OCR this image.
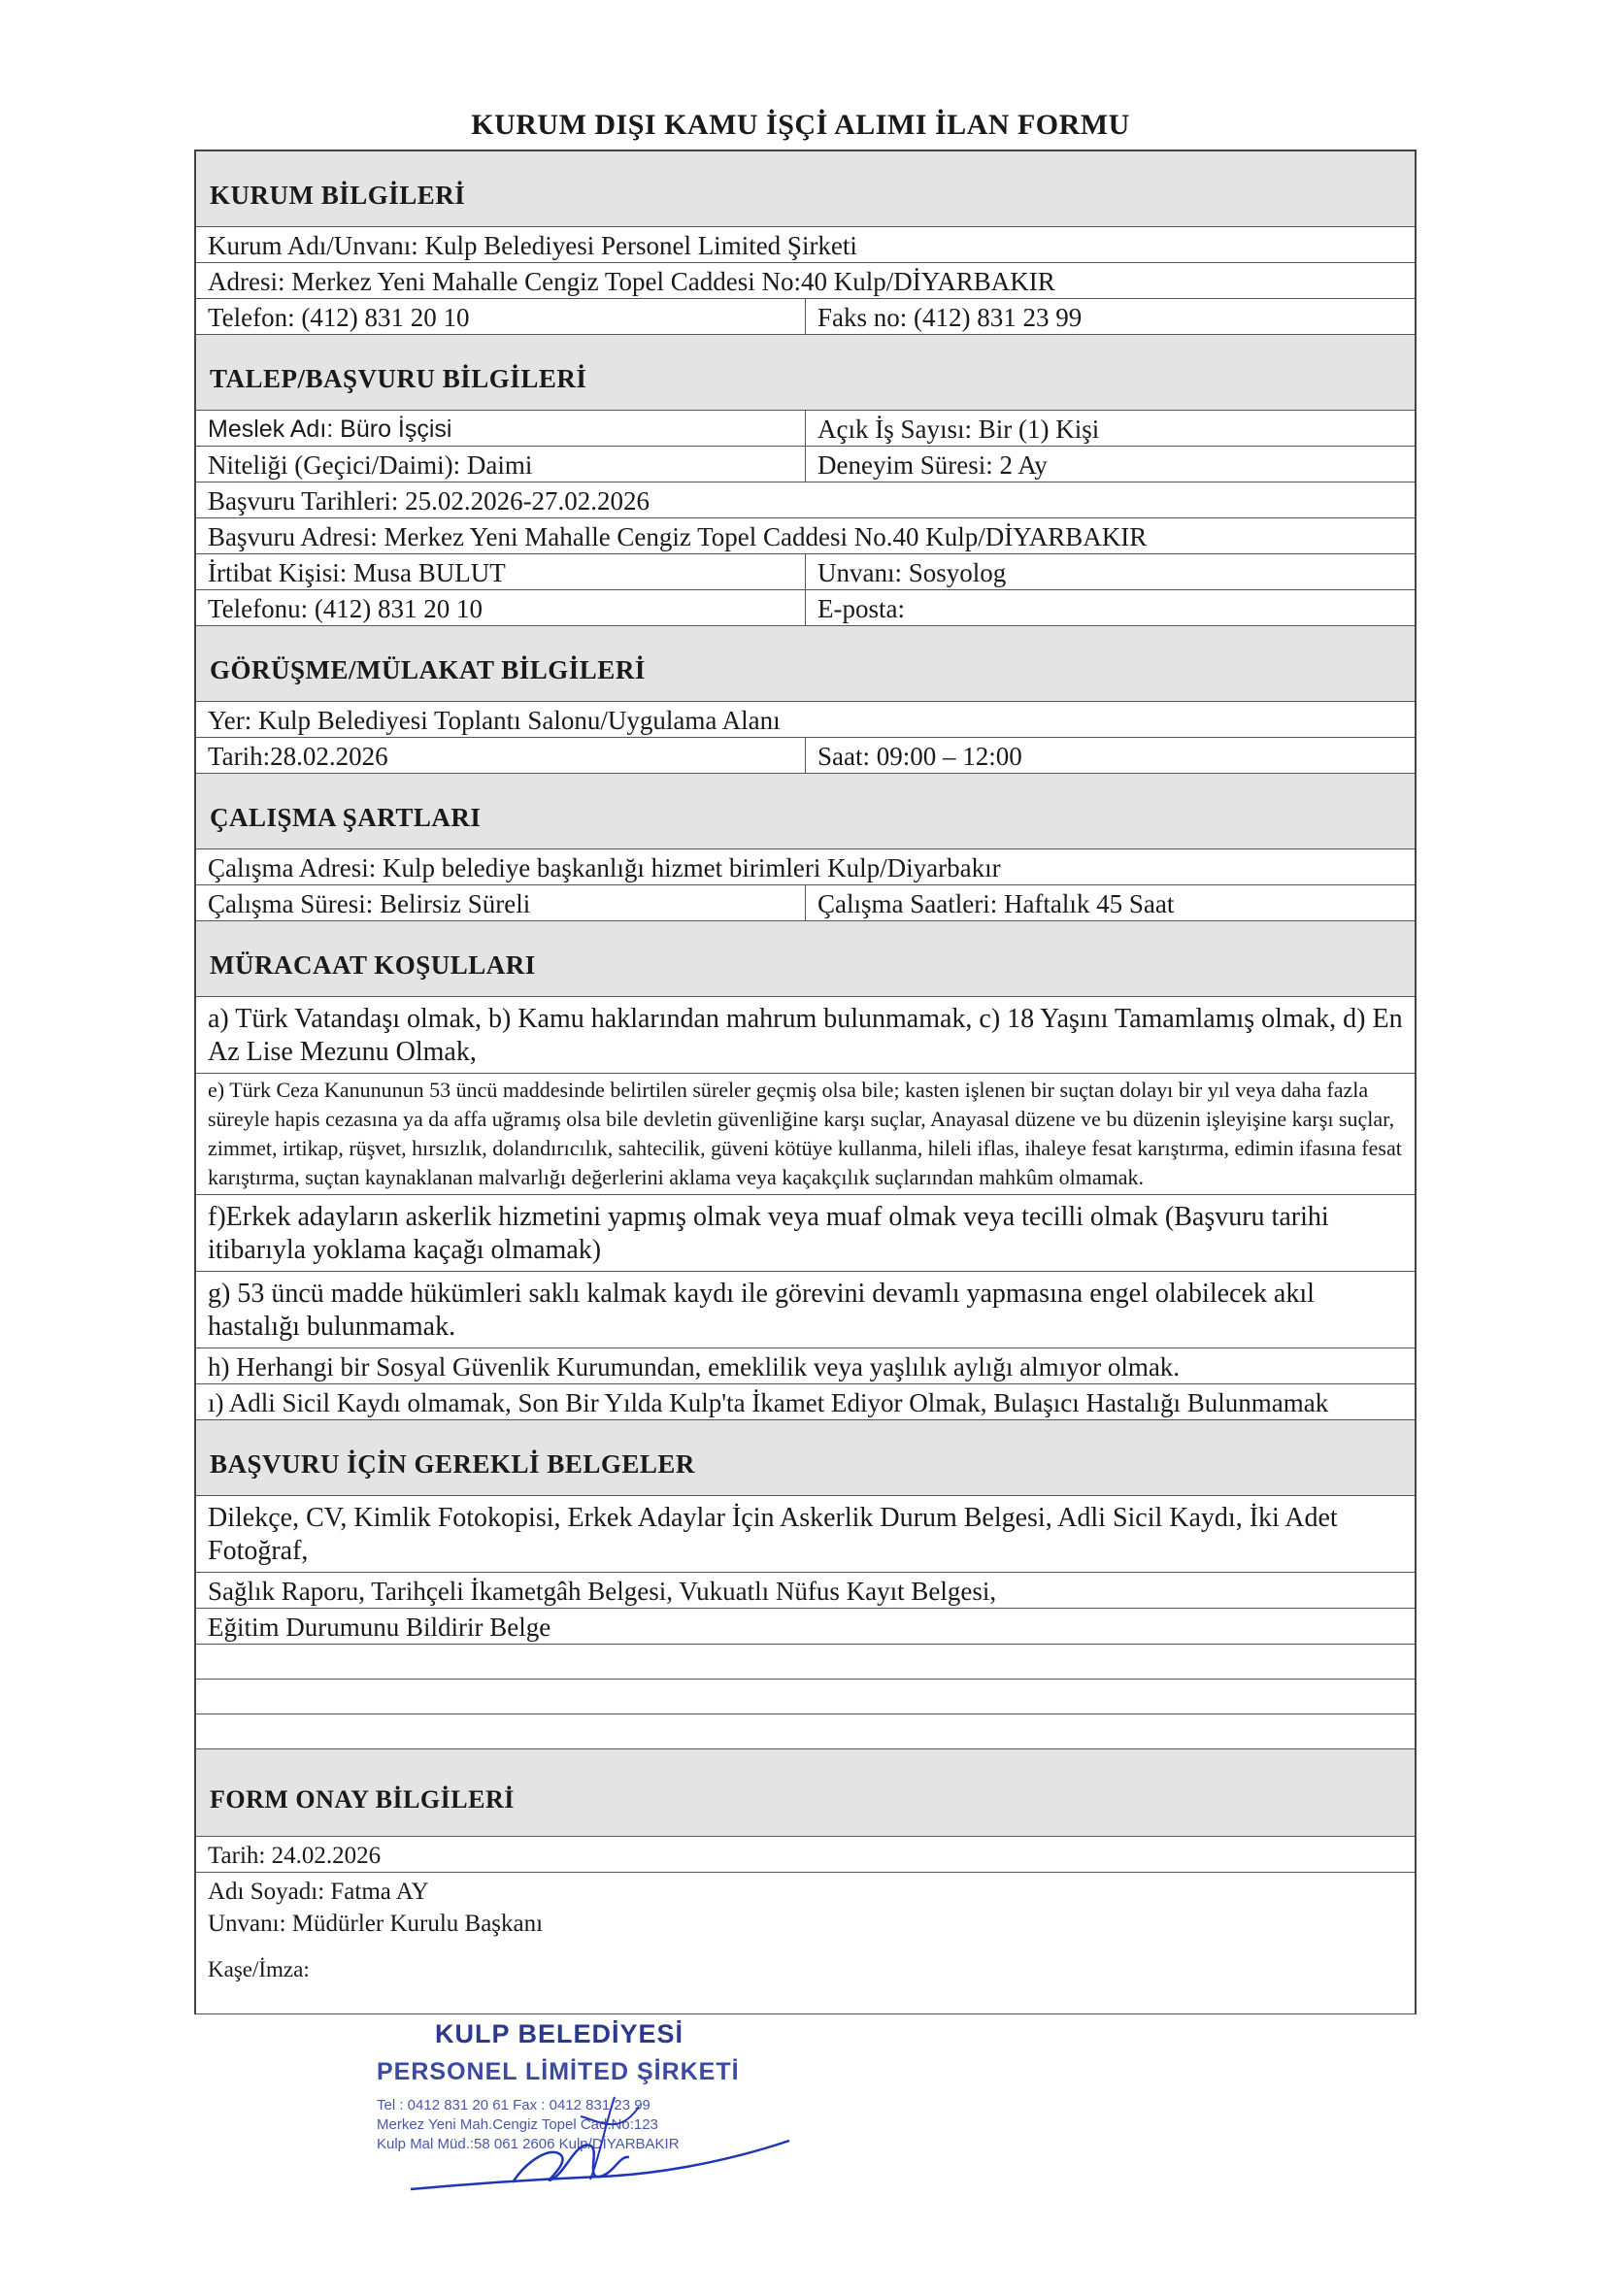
KURUM DIŞI KAMU İŞÇİ ALIMI İLAN FORMU
KURUM BİLGİLERİ
Kurum Adı/Unvanı: Kulp Belediyesi Personel Limited Şirketi
Adresi: Merkez Yeni Mahalle Cengiz Topel Caddesi No:40 Kulp/DİYARBAKIR
Telefon: (412) 831 20 10	Faks no: (412) 831 23 99
TALEP/BAŞVURU BİLGİLERİ
Meslek Adı: Büro İşçisi	Açık İş Sayısı: Bir (1) Kişi
Niteliği (Geçici/Daimi): Daimi	Deneyim Süresi: 2 Ay
Başvuru Tarihleri: 25.02.2026-27.02.2026
Başvuru Adresi: Merkez Yeni Mahalle Cengiz Topel Caddesi No.40 Kulp/DİYARBAKIR
İrtibat Kişisi: Musa BULUT	Unvanı: Sosyolog
Telefonu: (412) 831 20 10	E-posta:
GÖRÜŞME/MÜLAKAT BİLGİLERİ
Yer: Kulp Belediyesi Toplantı Salonu/Uygulama Alanı
Tarih:28.02.2026	Saat: 09:00 – 12:00
ÇALIŞMA ŞARTLARI
Çalışma Adresi: Kulp belediye başkanlığı hizmet birimleri Kulp/Diyarbakır
Çalışma Süresi: Belirsiz Süreli	Çalışma Saatleri: Haftalık 45 Saat
MÜRACAAT KOŞULLARI
a) Türk Vatandaşı olmak, b) Kamu haklarından mahrum bulunmamak, c) 18 Yaşını Tamamlamış olmak, d) En Az Lise Mezunu Olmak,
e) Türk Ceza Kanununun 53 üncü maddesinde belirtilen süreler geçmiş olsa bile; kasten işlenen bir suçtan dolayı bir yıl veya daha fazla süreyle hapis cezasına ya da affa uğramış olsa bile devletin güvenliğine karşı suçlar, Anayasal düzene ve bu düzenin işleyişine karşı suçlar, zimmet, irtikap, rüşvet, hırsızlık, dolandırıcılık, sahtecilik, güveni kötüye kullanma, hileli iflas, ihaleye fesat karıştırma, edimin ifasına fesat karıştırma, suçtan kaynaklanan malvarlığı değerlerini aklama veya kaçakçılık suçlarından mahkûm olmamak.
f)Erkek adayların askerlik hizmetini yapmış olmak veya muaf olmak veya tecilli olmak (Başvuru tarihi itibarıyla yoklama kaçağı olmamak)
g) 53 üncü madde hükümleri saklı kalmak kaydı ile görevini devamlı yapmasına engel olabilecek akıl hastalığı bulunmamak.
h) Herhangi bir Sosyal Güvenlik Kurumundan, emeklilik veya yaşlılık aylığı almıyor olmak.
ı) Adli Sicil Kaydı olmamak, Son Bir Yılda Kulp'ta İkamet Ediyor Olmak, Bulaşıcı Hastalığı Bulunmamak
BAŞVURU İÇİN GEREKLİ BELGELER
Dilekçe, CV, Kimlik Fotokopisi, Erkek Adaylar İçin Askerlik Durum Belgesi, Adli Sicil Kaydı, İki Adet Fotoğraf,
Sağlık Raporu, Tarihçeli İkametgâh Belgesi, Vukuatlı Nüfus Kayıt Belgesi,
Eğitim Durumunu Bildirir Belge
FORM ONAY BİLGİLERİ
Tarih: 24.02.2026
Adı Soyadı: Fatma AY
Unvanı: Müdürler Kurulu Başkanı
Kaşe/İmza:
KULP BELEDİYESİ
PERSONEL LİMİTED ŞİRKETİ
Tel : 0412 831 20 61 Fax : 0412 831 23 99
Merkez Yeni Mah.Cengiz Topel Cad.No:123
Kulp Mal Müd.:58 061 2606 Kulp/DİYARBAKIR
